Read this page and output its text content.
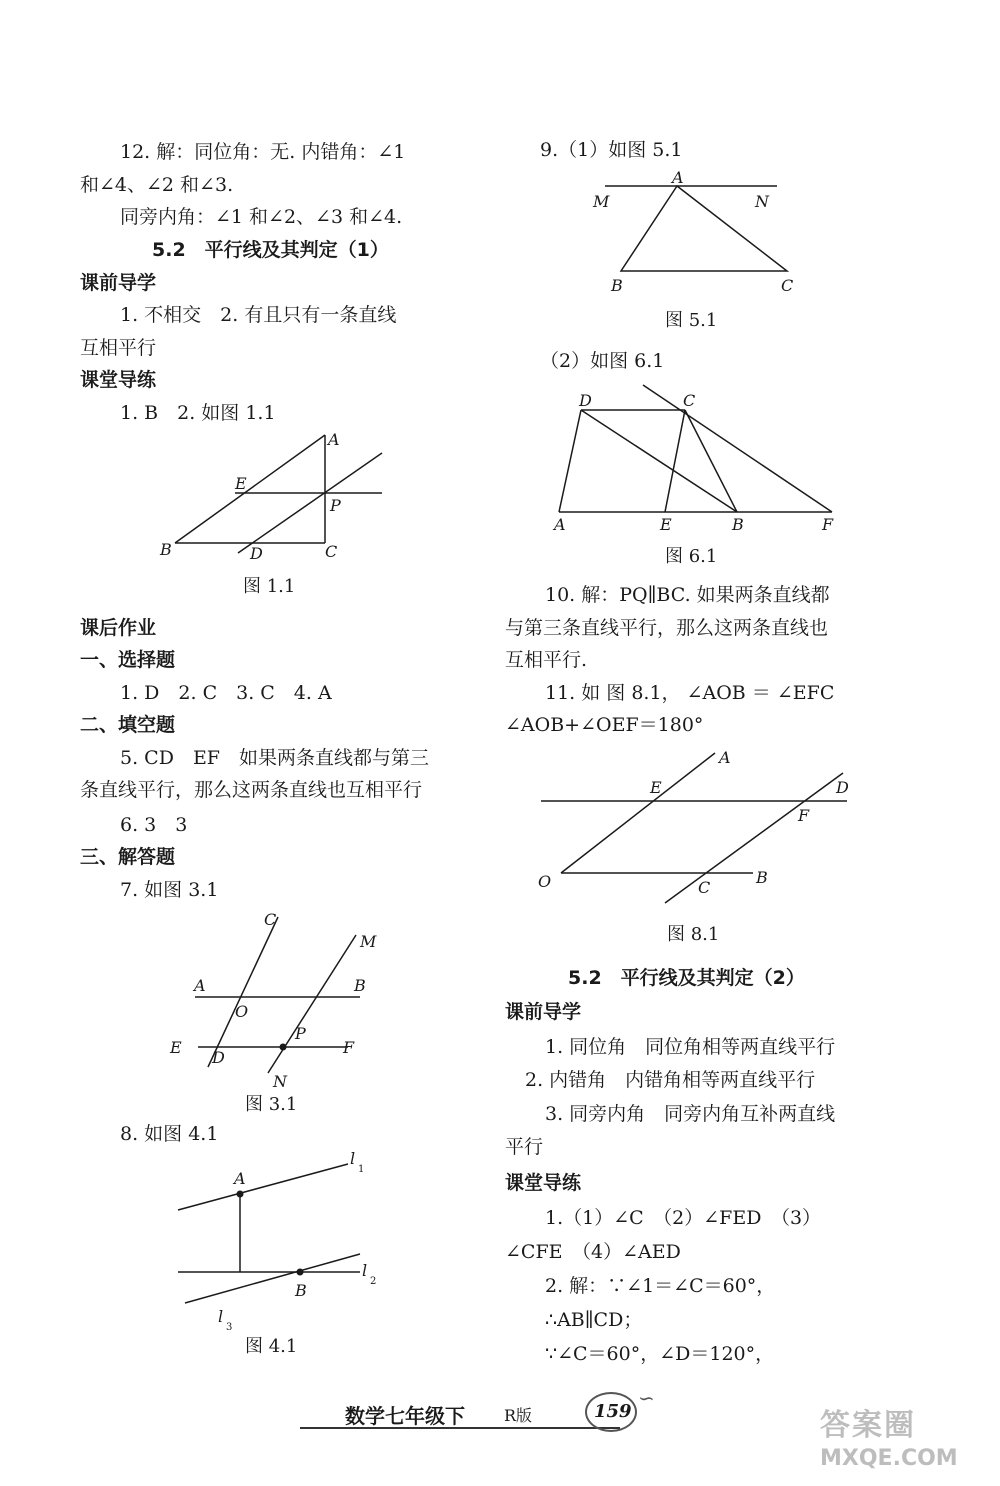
12. 解：同位角：无. 内错角：∠1
和∠4、∠2 和∠3.
同旁内角：∠1 和∠2、∠3 和∠4.
5.2　平行线及其判定（1）
课前导学
1. 不相交　2. 有且只有一条直线
互相平行
课堂导练
1. B　2. 如图 1.1
A
E
P
B	D	C
图 1.1
课后作业
一、选择题
1. D　2. C　3. C　4. A
二、填空题
5. CD　EF　如果两条直线都与第三
条直线平行，那么这两条直线也互相平行
6. 3　3
三、解答题
7. 如图 3.1
C
M
A	B
O
P
E
D
F
N
图 3.1
8. 如图 4.1
A
l
1
l
2
B
l
3
图 4.1
9.（1）如图 5.1
A
M	N
B	C
图 5.1
（2）如图 6.1
D	C
A	E	B	F
图 6.1
10. 解：PQ∥BC. 如果两条直线都
与第三条直线平行，那么这两条直线也
互相平行.
11. 如 图 8.1， ∠AOB ＝ ∠EFC
∠AOB+∠OEF＝180°
A
E	D
F
O	C
B
图 8.1
5.2　平行线及其判定（2）
课前导学
1. 同位角　同位角相等两直线平行
2. 内错角　内错角相等两直线平行
3. 同旁内角　同旁内角互补两直线
平行
课堂导练
1.（1）∠C　（2）∠FED　（3）
∠CFE　（4）∠AED
2. 解：∵∠1＝∠C＝60°，
∴AB∥CD；
∵∠C＝60°，∠D＝120°，
数学七年级下 R版	159
∽
答案圈
MXQE.COM
